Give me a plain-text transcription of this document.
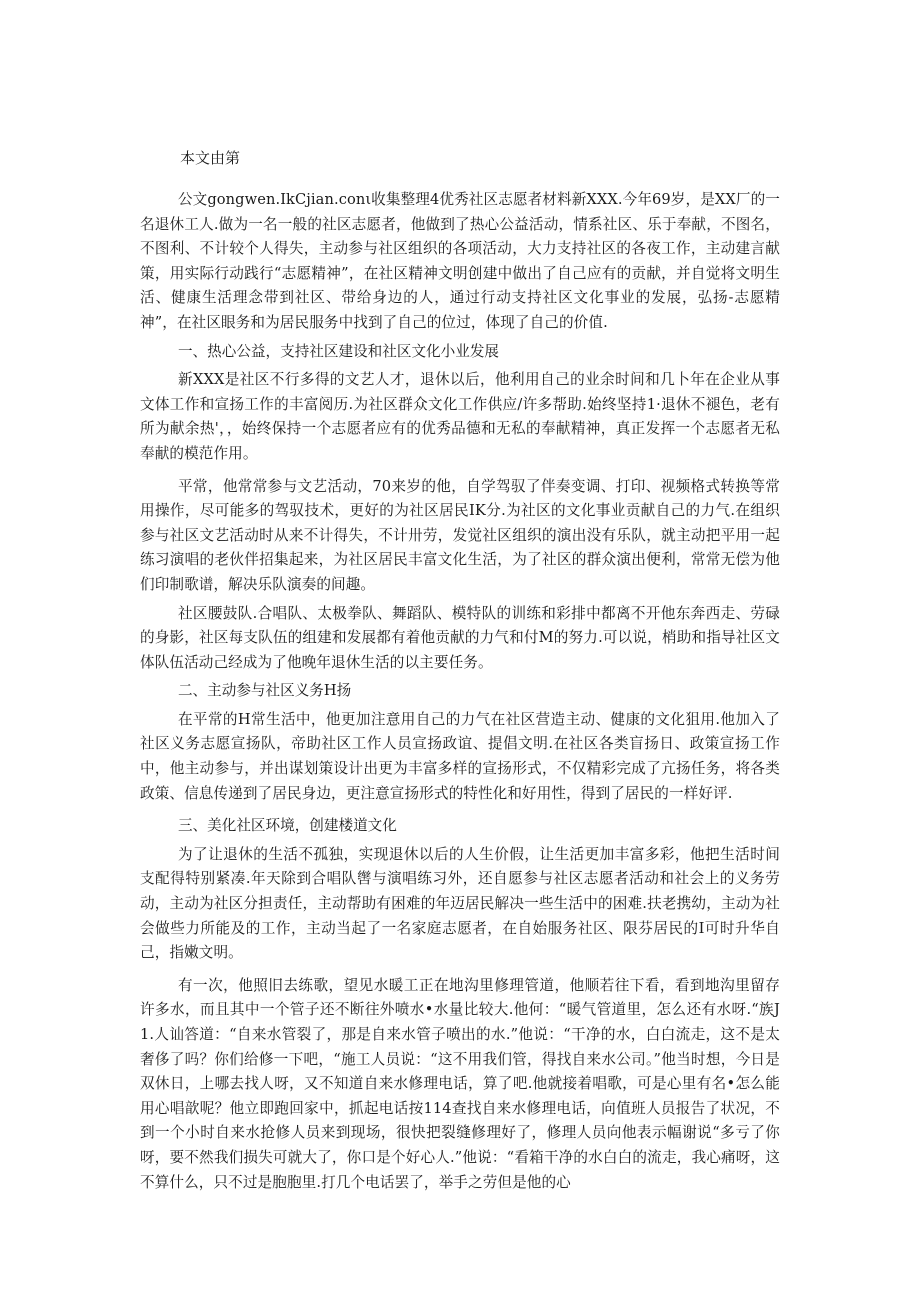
本文由第

公文gongwen.IkCjian.conι收集整理4优秀社区志愿者材料新XXX.今年69岁，是XX厂的一名退休工人.做为一名一般的社区志愿者，他做到了热心公益活动，情系社区、乐于奉献，不图名，不图利、不计较个人得失，主动参与社区组织的各项活动，大力支持社区的各夜工作，主动建言献策，用实际行动践行“志愿精神”，在社区精神文明创建中做出了自己应有的贡献，并自觉将文明生活、健康生活理念带到社区、带给身边的人，通过行动支持社区文化事业的发展，弘扬-志愿精神”，在社区眼务和为居民服务中找到了自己的位过，体现了自己的价值.

一、热心公益，支持社区建设和社区文化小业发展

新XXX是社区不行多得的文艺人才，退休以后，他利用自己的业余时间和几卜年在企业从事文体工作和宣扬工作的丰富阅历.为社区群众文化工作供应/许多帮助.始终坚持1·退休不褪色，老有所为献余热'，，始终保持一个志愿者应有的优秀品德和无私的奉献精神，真正发挥一个志愿者无私奉献的模范作用。

平常，他常常参与文艺活动，70来岁的他，自学驾驭了伴奏变调、打印、视频格式转换等常用操作，尽可能多的驾驭技术，更好的为社区居民IK分.为社区的文化事业贡献自己的力气.在组织参与社区文艺活动时从来不计得失，不计卅劳，发觉社区组织的演出没有乐队，就主动把平用一起练习演唱的老伙伴招集起来，为社区居民丰富文化生活，为了社区的群众演出便利，常常无偿为他们印制歌谱，解决乐队演奏的间趣。

社区腰鼓队.合唱队、太极拳队、舞蹈队、模特队的训练和彩排中都离不开他东奔西走、劳碌的身影，社区每支队伍的组建和发展都有着他贡献的力气和付M的努力.可以说，梢助和指导社区文体队伍活动己经成为了他晚年退休生活的以主要任务。

二、主动参与社区义务H扬

在平常的H常生活中，他更加注意用自己的力气在社区营造主动、健康的文化狙用.他加入了社区义务志愿宣扬队，帝助社区工作人员宣扬政谊、提倡文明.在社区各类盲扬日、政策宣扬工作中，他主动参与，并出谋划策设计出更为丰富多样的宣扬形式，不仅精彩完成了亢扬任务，将各类政策、信息传递到了居民身边，更注意宣扬形式的特性化和好用性，得到了居民的一样好评.

三、美化社区环境，创建楼道文化

为了让退休的生活不孤独，实现退休以后的人生价假，让生活更加丰富多彩，他把生活时间支配得特别紧凑.年天除到合唱队辔与演唱练习外，还自愿参与社区志愿者活动和社会上的义务劳动，主动为社区分担责任，主动帮助有困难的年迈居民解决一些生活中的困难.扶老携幼，主动为社会做些力所能及的工作，主动当起了一名家庭志愿者，在自始服务社区、限芬居民的I可时升华自己，指嫩文明。

有一次，他照旧去练歌，望见水暖工正在地沟里修理管道，他顺若往下看，看到地沟里留存许多水，而且其中一个管子还不断往外喷水•水量比较大.他何：“暖气管道里，怎么还有水呀.“族J1.人讪答道：“自来水管裂了，那是自来水管子喷出的水.”他说：“干净的水，白白流走，这不是太奢侈了吗？你们给修一下吧，“施工人员说：“这不用我们管，得找自来水公司。”他当时想，今日是双休日，上哪去找人呀，又不知道自来水修理电话，算了吧.他就接着唱歌，可是心里有名•怎么能用心唱歆呢？他立即跑回家中，抓起电话按114查找自来水修理电话，向值班人员报告了状况，不到一个小时自来水抢修人员来到现场，很快把裂缝修理好了，修理人员向他表示幅谢说“多亏了你呀，要不然我们损失可就大了，你口是个好心人.”他说：“看箱干净的水白白的流走，我心痛呀，这不算什么，只不过是胞胞里.打几个电话罢了，举手之劳但是他的心
